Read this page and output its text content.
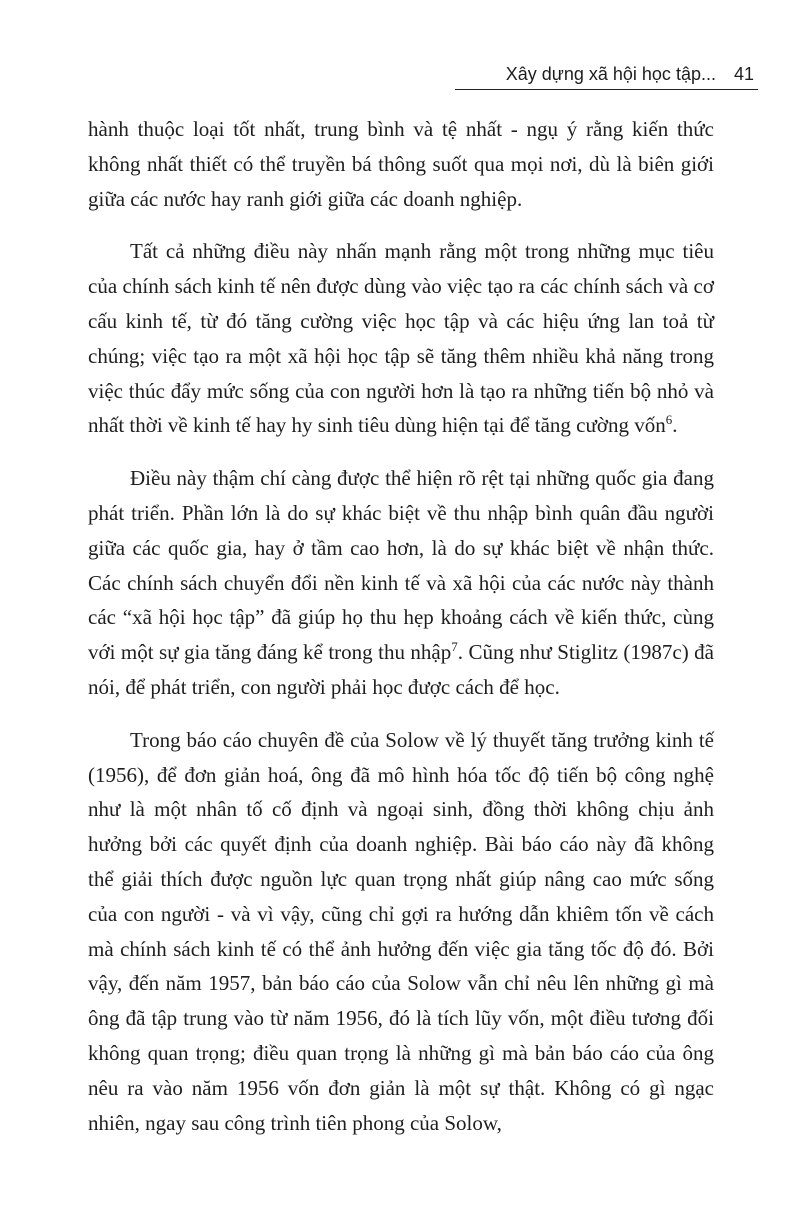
Xây dựng xã hội học tập... 41

hành thuộc loại tốt nhất, trung bình và tệ nhất - ngụ ý rằng kiến thức không nhất thiết có thể truyền bá thông suốt qua mọi nơi, dù là biên giới giữa các nước hay ranh giới giữa các doanh nghiệp.

Tất cả những điều này nhấn mạnh rằng một trong những mục tiêu của chính sách kinh tế nên được dùng vào việc tạo ra các chính sách và cơ cấu kinh tế, từ đó tăng cường việc học tập và các hiệu ứng lan toả từ chúng; việc tạo ra một xã hội học tập sẽ tăng thêm nhiều khả năng trong việc thúc đẩy mức sống của con người hơn là tạo ra những tiến bộ nhỏ và nhất thời về kinh tế hay hy sinh tiêu dùng hiện tại để tăng cường vốn$^6$.

Điều này thậm chí càng được thể hiện rõ rệt tại những quốc gia đang phát triển. Phần lớn là do sự khác biệt về thu nhập bình quân đầu người giữa các quốc gia, hay ở tầm cao hơn, là do sự khác biệt về nhận thức. Các chính sách chuyển đổi nền kinh tế và xã hội của các nước này thành các “xã hội học tập” đã giúp họ thu hẹp khoảng cách về kiến thức, cùng với một sự gia tăng đáng kể trong thu nhập$^7$. Cũng như Stiglitz (1987c) đã nói, để phát triển, con người phải học được cách để học.

Trong báo cáo chuyên đề của Solow về lý thuyết tăng trưởng kinh tế (1956), để đơn giản hoá, ông đã mô hình hóa tốc độ tiến bộ công nghệ như là một nhân tố cố định và ngoại sinh, đồng thời không chịu ảnh hưởng bởi các quyết định của doanh nghiệp. Bài báo cáo này đã không thể giải thích được nguồn lực quan trọng nhất giúp nâng cao mức sống của con người - và vì vậy, cũng chỉ gợi ra hướng dẫn khiêm tốn về cách mà chính sách kinh tế có thể ảnh hưởng đến việc gia tăng tốc độ đó. Bởi vậy, đến năm 1957, bản báo cáo của Solow vẫn chỉ nêu lên những gì mà ông đã tập trung vào từ năm 1956, đó là tích lũy vốn, một điều tương đối không quan trọng; điều quan trọng là những gì mà bản báo cáo của ông nêu ra vào năm 1956 vốn đơn giản là một sự thật. Không có gì ngạc nhiên, ngay sau công trình tiên phong của Solow,
